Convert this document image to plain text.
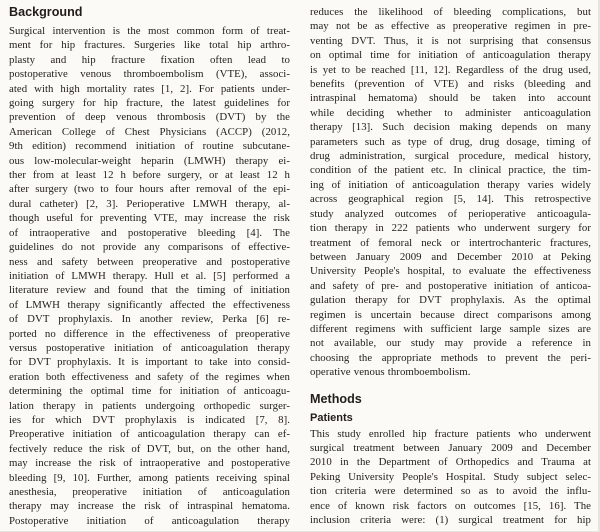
Background
Surgical intervention is the most common form of treat-
ment for hip fractures. Surgeries like total hip arthro-
plasty and hip fracture fixation often lead to
postoperative venous thromboembolism (VTE), associ-
ated with high mortality rates [1, 2]. For patients under-
going surgery for hip fracture, the latest guidelines for
prevention of deep venous thrombosis (DVT) by the
American College of Chest Physicians (ACCP) (2012,
9th edition) recommend initiation of routine subcutane-
ous low-molecular-weight heparin (LMWH) therapy ei-
ther from at least 12 h before surgery, or at least 12 h
after surgery (two to four hours after removal of the epi-
dural catheter) [2, 3]. Perioperative LMWH therapy, al-
though useful for preventing VTE, may increase the risk
of intraoperative and postoperative bleeding [4]. The
guidelines do not provide any comparisons of effective-
ness and safety between preoperative and postoperative
initiation of LMWH therapy. Hull et al. [5] performed a
literature review and found that the timing of initiation
of LMWH therapy significantly affected the effectiveness
of DVT prophylaxis. In another review, Perka [6] re-
ported no difference in the effectiveness of preoperative
versus postoperative initiation of anticoagulation therapy
for DVT prophylaxis. It is important to take into consid-
eration both effectiveness and safety of the regimes when
determining the optimal time for initiation of anticoagu-
lation therapy in patients undergoing orthopedic surger-
ies for which DVT prophylaxis is indicated [7, 8].
Preoperative initiation of anticoagulation therapy can ef-
fectively reduce the risk of DVT, but, on the other hand,
may increase the risk of intraoperative and postoperative
bleeding [9, 10]. Further, among patients receiving spinal
anesthesia, preoperative initiation of anticoagulation
therapy may increase the risk of intraspinal hematoma.
Postoperative initiation of anticoagulation therapy
reduces the likelihood of bleeding complications, but
may not be as effective as preoperative regimen in pre-
venting DVT. Thus, it is not surprising that consensus
on optimal time for initiation of anticoagulation therapy
is yet to be reached [11, 12]. Regardless of the drug used,
benefits (prevention of VTE) and risks (bleeding and
intraspinal hematoma) should be taken into account
while deciding whether to administer anticoagulation
therapy [13]. Such decision making depends on many
parameters such as type of drug, drug dosage, timing of
drug administration, surgical procedure, medical history,
condition of the patient etc. In clinical practice, the tim-
ing of initiation of anticoagulation therapy varies widely
across geographical region [5, 14]. This retrospective
study analyzed outcomes of perioperative anticoagula-
tion therapy in 222 patients who underwent surgery for
treatment of femoral neck or intertrochanteric fractures,
between January 2009 and December 2010 at Peking
University People's hospital, to evaluate the effectiveness
and safety of pre- and postoperative initiation of anticoa-
gulation therapy for DVT prophylaxis. As the optimal
regimen is uncertain because direct comparisons among
different regimens with sufficient large sample sizes are
not available, our study may provide a reference in
choosing the appropriate methods to prevent the peri-
operative venous thromboembolism.
Methods
Patients
This study enrolled hip fracture patients who underwent
surgical treatment between January 2009 and December
2010 in the Department of Orthopedics and Trauma at
Peking University People's Hospital. Study subject selec-
tion criteria were determined so as to avoid the influ-
ence of known risk factors on outcomes [15, 16]. The
inclusion criteria were: (1) surgical treatment for hip
